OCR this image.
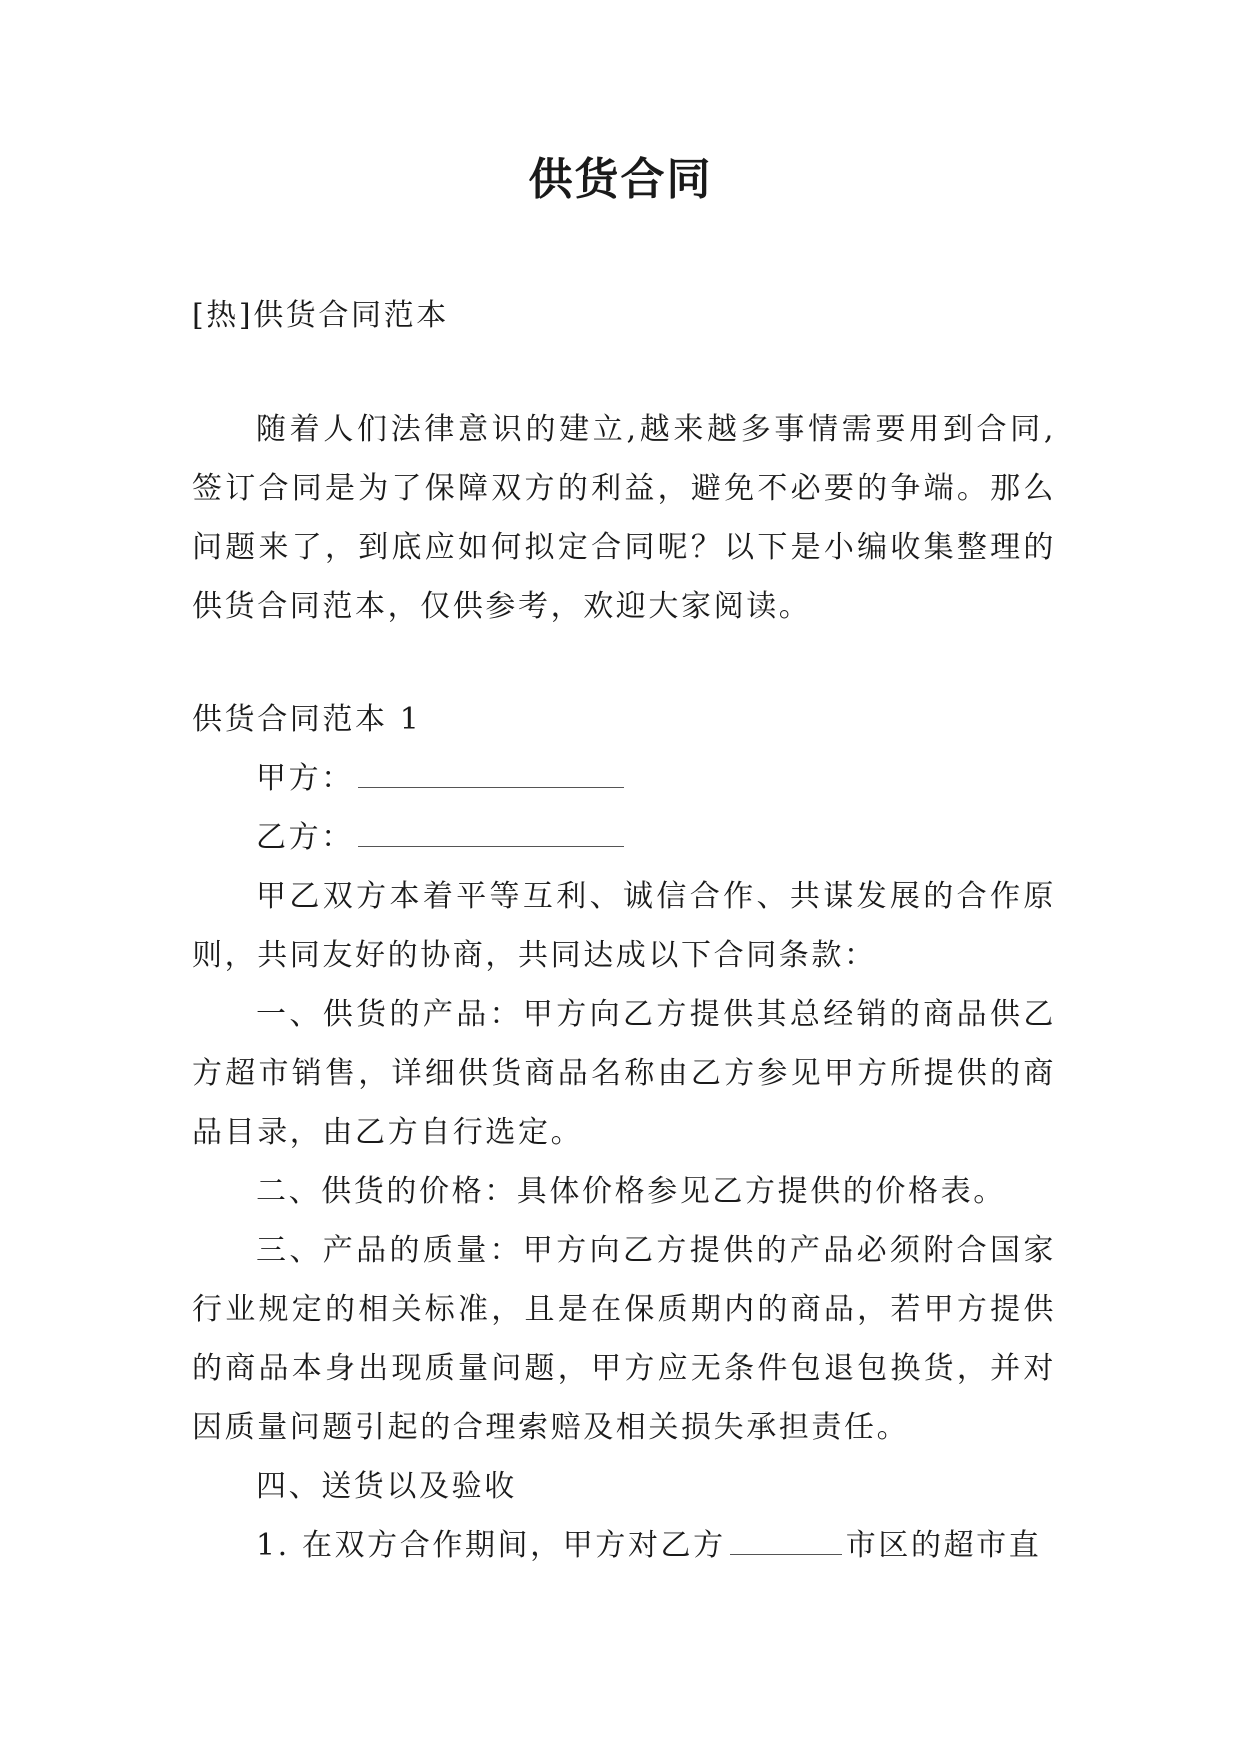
供货合同

[热]供货合同范本

随着人们法律意识的建立,越来越多事情需要用到合同,签订合同是为了保障双方的利益，避免不必要的争端。那么问题来了，到底应如何拟定合同呢？以下是小编收集整理的供货合同范本，仅供参考，欢迎大家阅读。

供货合同范本 1

甲方：

乙方：

甲乙双方本着平等互利、诚信合作、共谋发展的合作原则，共同友好的协商，共同达成以下合同条款：

一、供货的产品：甲方向乙方提供其总经销的商品供乙方超市销售，详细供货商品名称由乙方参见甲方所提供的商品目录，由乙方自行选定。

二、供货的价格：具体价格参见乙方提供的价格表。

三、产品的质量：甲方向乙方提供的产品必须附合国家行业规定的相关标准，且是在保质期内的商品，若甲方提供的商品本身出现质量问题，甲方应无条件包退包换货，并对因质量问题引起的合理索赔及相关损失承担责任。

四、送货以及验收

1. 在双方合作期间，甲方对乙方	市区的超市直
